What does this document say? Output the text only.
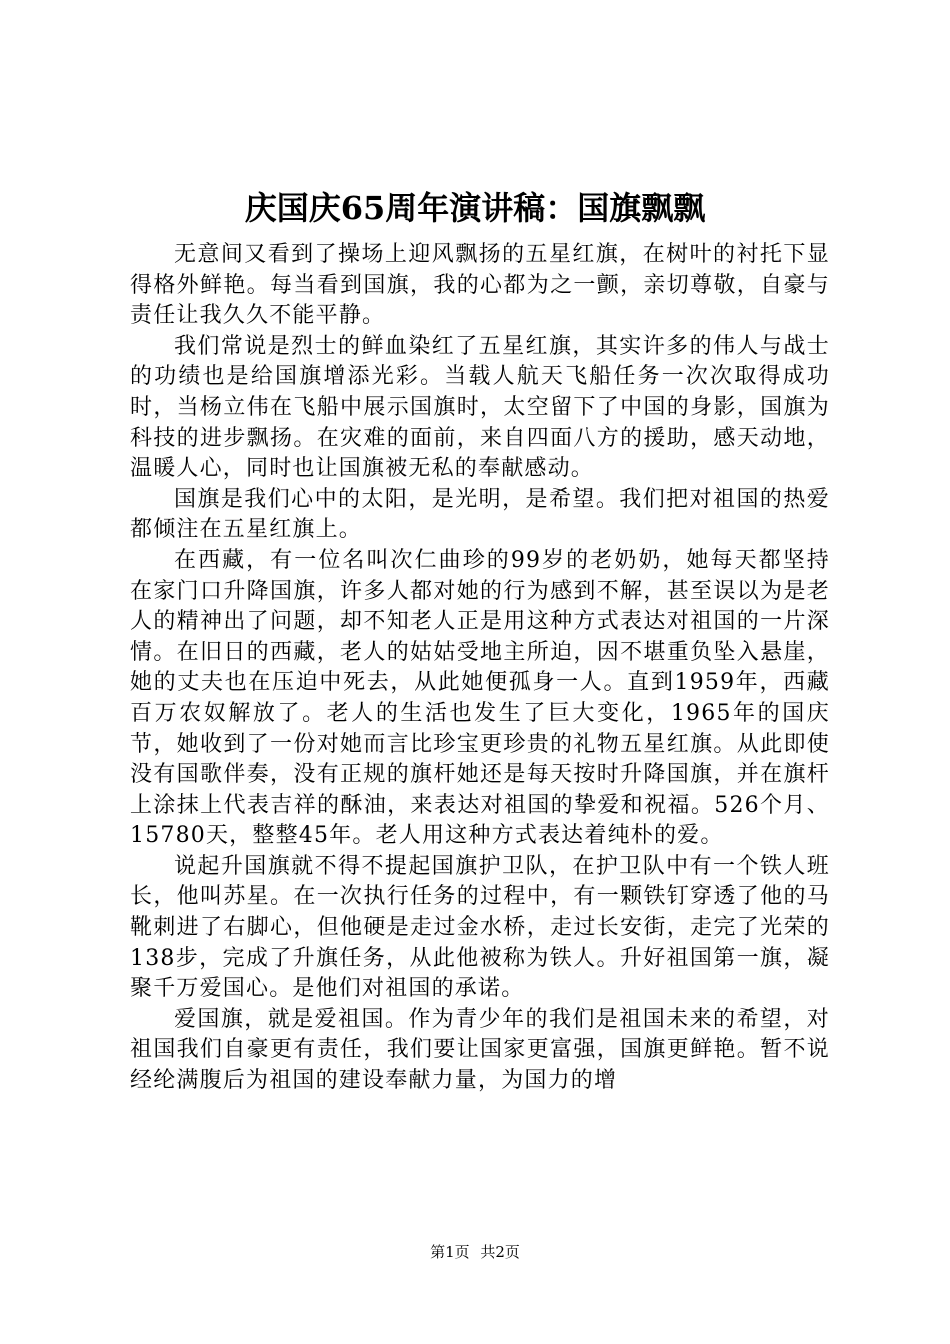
庆国庆65周年演讲稿：国旗飘飘

无意间又看到了操场上迎风飘扬的五星红旗，在树叶的衬托下显得格外鲜艳。每当看到国旗，我的心都为之一颤，亲切尊敬，自豪与责任让我久久不能平静。

我们常说是烈士的鲜血染红了五星红旗，其实许多的伟人与战士的功绩也是给国旗增添光彩。当载人航天飞船任务一次次取得成功时，当杨立伟在飞船中展示国旗时，太空留下了中国的身影，国旗为科技的进步飘扬。在灾难的面前，来自四面八方的援助，感天动地，温暖人心，同时也让国旗被无私的奉献感动。

国旗是我们心中的太阳，是光明，是希望。我们把对祖国的热爱都倾注在五星红旗上。

在西藏，有一位名叫次仁曲珍的99岁的老奶奶，她每天都坚持在家门口升降国旗，许多人都对她的行为感到不解，甚至误以为是老人的精神出了问题，却不知老人正是用这种方式表达对祖国的一片深情。在旧日的西藏，老人的姑姑受地主所迫，因不堪重负坠入悬崖，她的丈夫也在压迫中死去，从此她便孤身一人。直到1959年，西藏百万农奴解放了。老人的生活也发生了巨大变化，1965年的国庆节，她收到了一份对她而言比珍宝更珍贵的礼物五星红旗。从此即使没有国歌伴奏，没有正规的旗杆她还是每天按时升降国旗，并在旗杆上涂抹上代表吉祥的酥油，来表达对祖国的挚爱和祝福。526个月、15780天，整整45年。老人用这种方式表达着纯朴的爱。

说起升国旗就不得不提起国旗护卫队，在护卫队中有一个铁人班长，他叫苏星。在一次执行任务的过程中，有一颗铁钉穿透了他的马靴刺进了右脚心，但他硬是走过金水桥，走过长安街，走完了光荣的138步，完成了升旗任务，从此他被称为铁人。升好祖国第一旗，凝聚千万爱国心。是他们对祖国的承诺。

爱国旗，就是爱祖国。作为青少年的我们是祖国未来的希望，对祖国我们自豪更有责任，我们要让国家更富强，国旗更鲜艳。暂不说经纶满腹后为祖国的建设奉献力量，为国力的增

第1页 共2页
